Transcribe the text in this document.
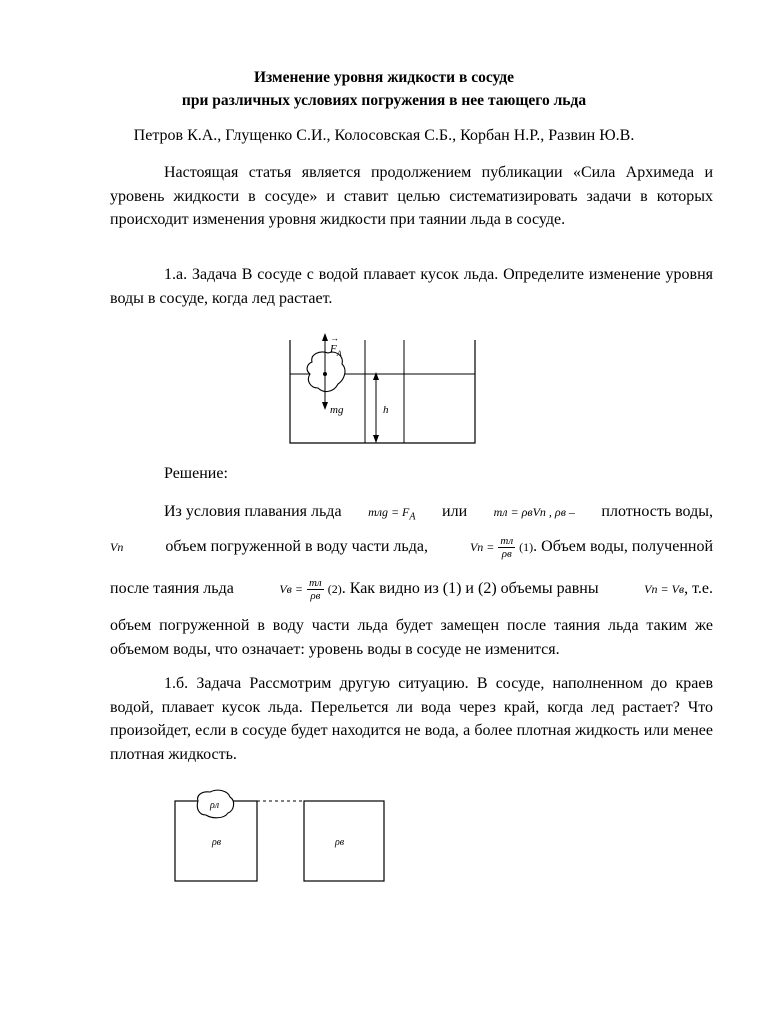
Изменение уровня жидкости в сосуде
при различных условиях погружения в нее тающего льда
Петров К.А., Глущенко С.И., Колосовская С.Б., Корбан Н.Р., Развин Ю.В.
Настоящая статья является продолжением публикации «Сила Архимеда и уровень жидкости в сосуде» и ставит целью систематизировать задачи в которых происходит изменения уровня жидкости при таянии льда в сосуде.
1.а. Задача В сосуде с водой плавает кусок льда. Определите изменение уровня воды в сосуде, когда лед растает.
$F_A$
→
mg	h
Решение:
Из условия плавания льда mлg = $F_A$ или mл = ρвVп , ρв – плотность воды,
Vп	объем погруженной в воду части льда,	Vп = $\frac{mл}{\rho в} (1)$. Объем воды, полученной
после таяния льда	Vв = $\frac{mл}{\rho в} (2)$. Как видно из (1) и (2) объемы равны	Vп = Vв, т.е.
объем погруженной в воду части льда будет замещен после таяния льда таким же объемом воды, что означает: уровень воды в сосуде не изменится.
1.б. Задача Рассмотрим другую ситуацию. В сосуде, наполненном до краев водой, плавает кусок льда. Перельется ли вода через край, когда лед растает? Что произойдет, если в сосуде будет находится не вода, а более плотная жидкость или менее плотная жидкость.
ρл
ρв	ρв
